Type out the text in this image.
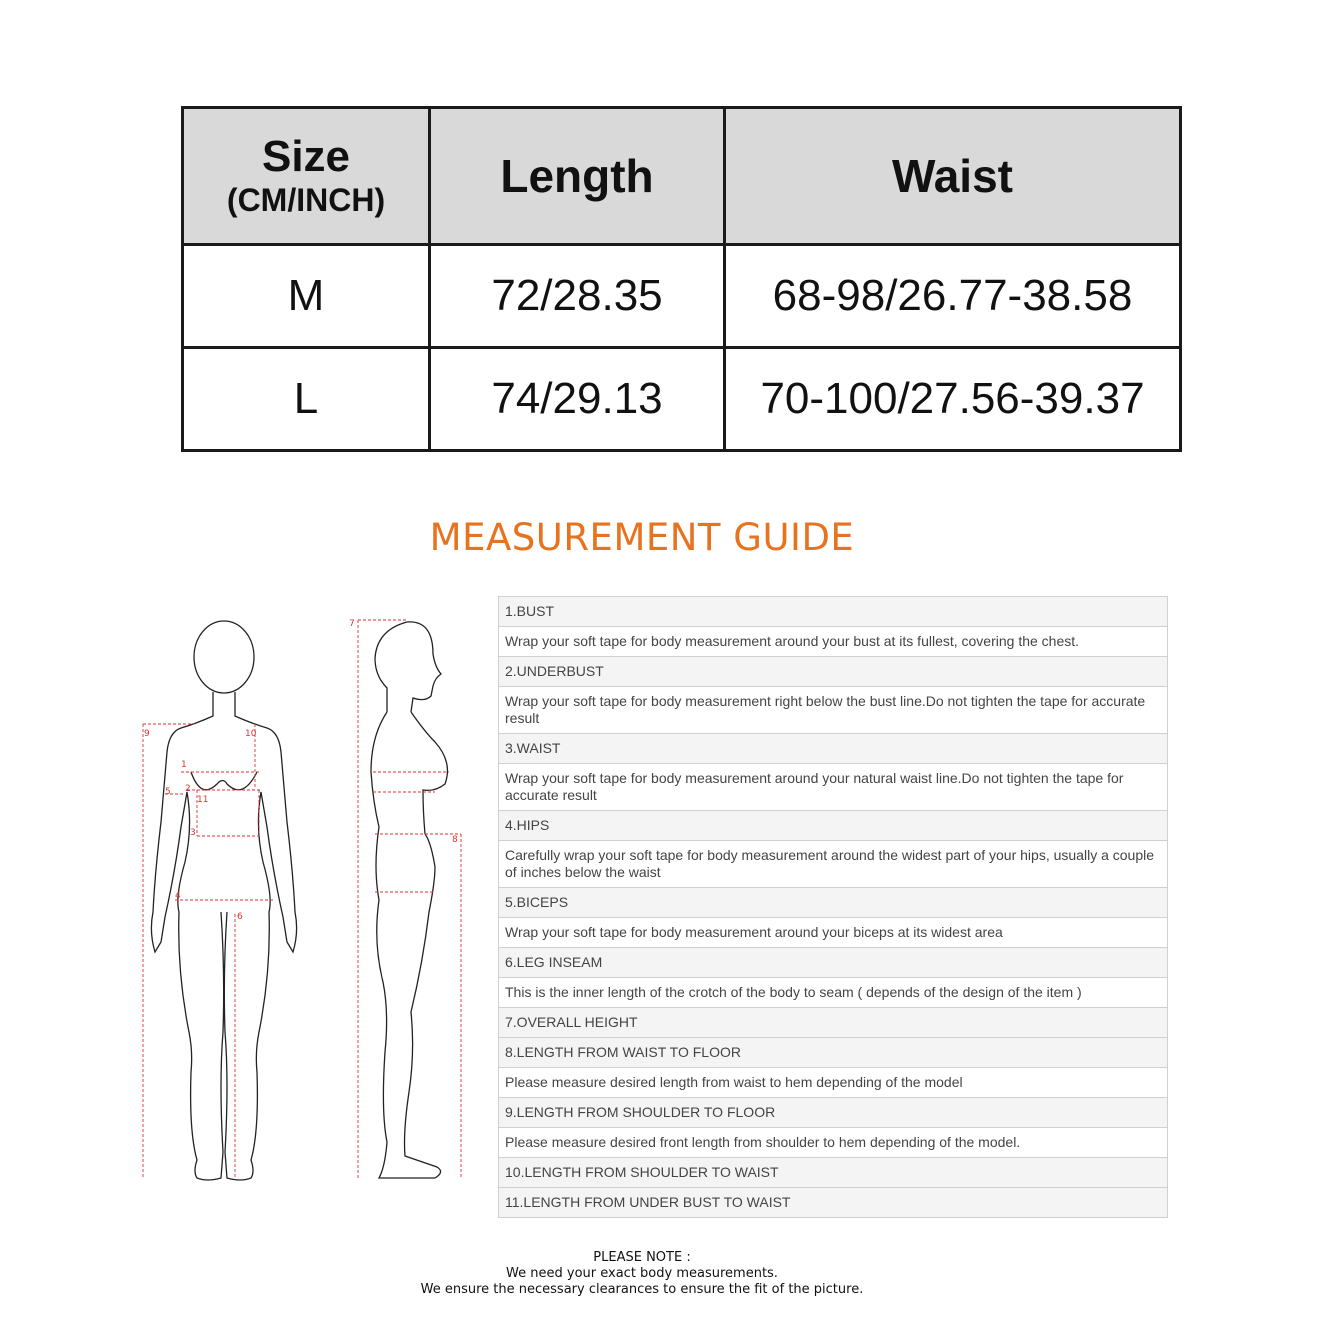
Size
(CM/INCH)	Length	Waist
M	72/28.35	68-98/26.77-38.58
L	74/29.13	70-100/27.56-39.37
MEASUREMENT GUIDE
9	10
1
2
5
11
3
4
6
7
8
1.BUST
Wrap your soft tape for body measurement around your bust at its fullest, covering the chest.
2.UNDERBUST
Wrap your soft tape for body measurement right below the bust line.Do not tighten the tape for accurate result
3.WAIST
Wrap your soft tape for body measurement around your natural waist line.Do not tighten the tape for accurate result
4.HIPS
Carefully wrap your soft tape for body measurement around the widest part of your hips, usually a couple of inches below the waist
5.BICEPS
Wrap your soft tape for body measurement around your biceps at its widest area
6.LEG INSEAM
This is the inner length of the crotch of the body to seam ( depends of the design of the item )
7.OVERALL HEIGHT
8.LENGTH FROM WAIST TO FLOOR
Please measure desired length from waist to hem depending of the model
9.LENGTH FROM SHOULDER TO FLOOR
Please measure desired front length from shoulder to hem depending of the model.
10.LENGTH FROM SHOULDER TO WAIST
11.LENGTH FROM UNDER BUST TO WAIST
PLEASE NOTE :
We need your exact body measurements.
We ensure the necessary clearances to ensure the fit of the picture.
